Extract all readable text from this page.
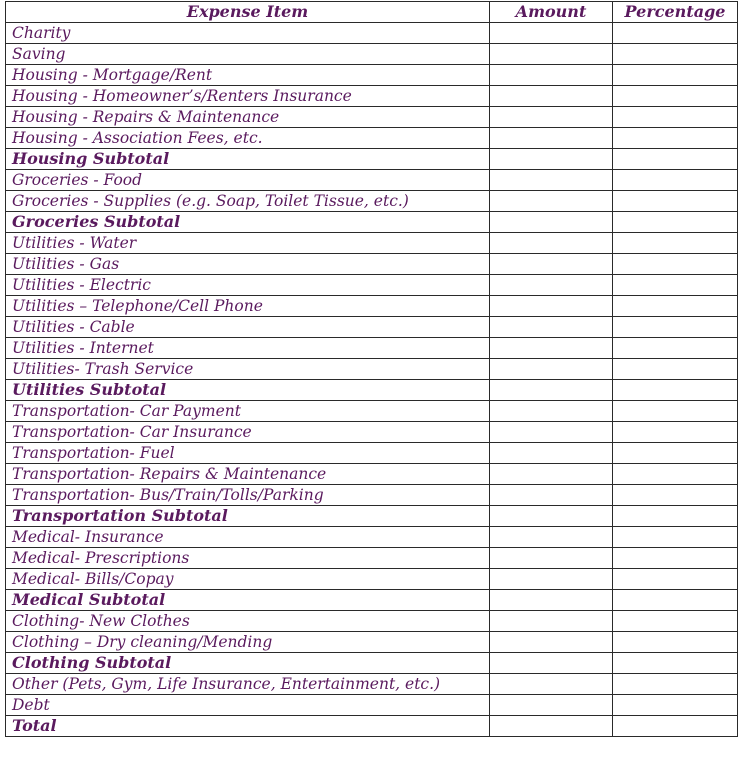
Expense Item	Amount	Percentage
Charity		
Saving		
Housing - Mortgage/Rent		
Housing - Homeowner’s/Renters Insurance		
Housing - Repairs & Maintenance		
Housing - Association Fees, etc.		
Housing Subtotal		
Groceries - Food		
Groceries - Supplies (e.g. Soap, Toilet Tissue, etc.)		
Groceries Subtotal		
Utilities - Water		
Utilities - Gas		
Utilities - Electric		
Utilities – Telephone/Cell Phone		
Utilities - Cable		
Utilities - Internet		
Utilities- Trash Service		
Utilities Subtotal		
Transportation- Car Payment		
Transportation- Car Insurance		
Transportation- Fuel		
Transportation- Repairs & Maintenance		
Transportation- Bus/Train/Tolls/Parking		
Transportation Subtotal		
Medical- Insurance		
Medical- Prescriptions		
Medical- Bills/Copay		
Medical Subtotal		
Clothing- New Clothes		
Clothing – Dry cleaning/Mending		
Clothing Subtotal		
Other (Pets, Gym, Life Insurance, Entertainment, etc.)		
Debt		
Total		
